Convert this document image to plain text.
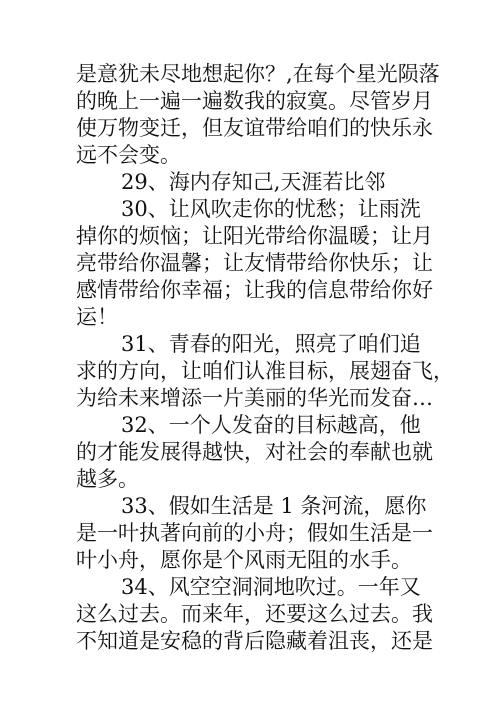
是意犹未尽地想起你？,在每个星光陨落
的晚上一遍一遍数我的寂寞。尽管岁月
使万物变迁，但友谊带给咱们的快乐永
远不会变。
29、海内存知己,天涯若比邻
30、让风吹走你的忧愁；让雨洗
掉你的烦恼；让阳光带给你温暖；让月
亮带给你温馨；让友情带给你快乐；让
感情带给你幸福；让我的信息带给你好
运！
31、青春的阳光，照亮了咱们追
求的方向，让咱们认准目标，展翅奋飞，
为给未来增添一片美丽的华光而发奋…
32、一个人发奋的目标越高，他
的才能发展得越快，对社会的奉献也就
越多。
33、假如生活是 1 条河流，愿你
是一叶执著向前的小舟；假如生活是一
叶小舟，愿你是个风雨无阻的水手。
34、风空空洞洞地吹过。一年又
这么过去。而来年，还要这么过去。我
不知道是安稳的背后隐藏着沮丧，还是
